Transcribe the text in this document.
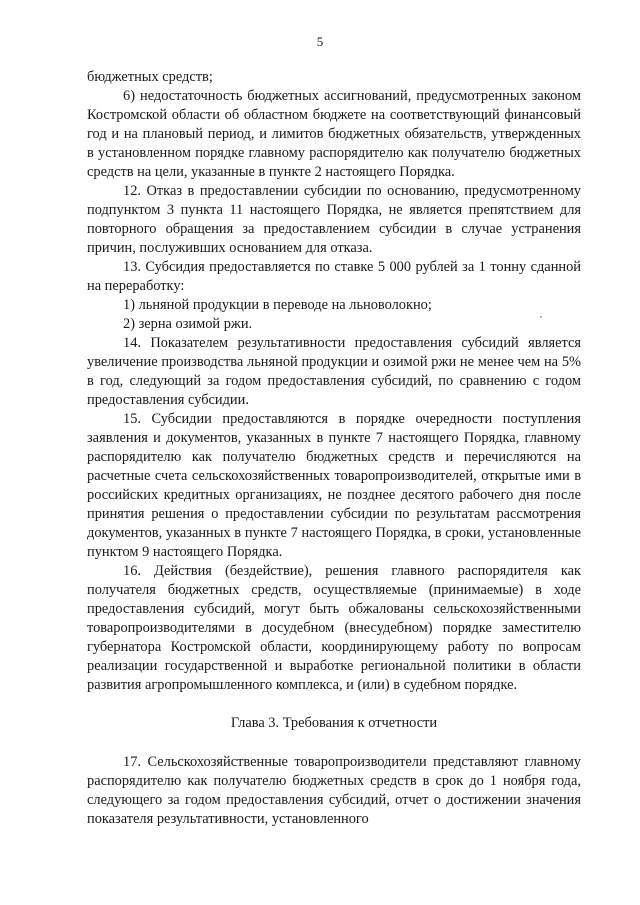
5

бюджетных средств;

6) недостаточность бюджетных ассигнований, предусмотренных законом Костромской области об областном бюджете на соответствующий финансовый год и на плановый период, и лимитов бюджетных обязательств, утвержденных в установленном порядке главному распорядителю как получателю бюджетных средств на цели, указанные в пункте 2 настоящего Порядка.

12. Отказ в предоставлении субсидии по основанию, предусмотренному подпунктом 3 пункта 11 настоящего Порядка, не является препятствием для повторного обращения за предоставлением субсидии в случае устранения причин, послуживших основанием для отказа.

13. Субсидия предоставляется по ставке 5 000 рублей за 1 тонну сданной на переработку:

1) льняной продукции в переводе на льноволокно;

2) зерна озимой ржи.

14. Показателем результативности предоставления субсидий является увеличение производства льняной продукции и озимой ржи не менее чем на 5% в год, следующий за годом предоставления субсидий, по сравнению с годом предоставления субсидии.

15. Субсидии предоставляются в порядке очередности поступления заявления и документов, указанных в пункте 7 настоящего Порядка, главному распорядителю как получателю бюджетных средств и перечисляются на расчетные счета сельскохозяйственных товаропроизводителей, открытые ими в российских кредитных организациях, не позднее десятого рабочего дня после принятия решения о предоставлении субсидии по результатам рассмотрения документов, указанных в пункте 7 настоящего Порядка, в сроки, установленные пунктом 9 настоящего Порядка.

16. Действия (бездействие), решения главного распорядителя как получателя бюджетных средств, осуществляемые (принимаемые) в ходе предоставления субсидий, могут быть обжалованы сельскохозяйственными товаропроизводителями в досудебном (внесудебном) порядке заместителю губернатора Костромской области, координирующему работу по вопросам реализации государственной и выработке региональной политики в области развития агропромышленного комплекса, и (или) в судебном порядке.

Глава 3. Требования к отчетности

17. Сельскохозяйственные товаропроизводители представляют главному распорядителю как получателю бюджетных средств в срок до 1 ноября года, следующего за годом предоставления субсидий, отчет о достижении значения показателя результативности, установленного
